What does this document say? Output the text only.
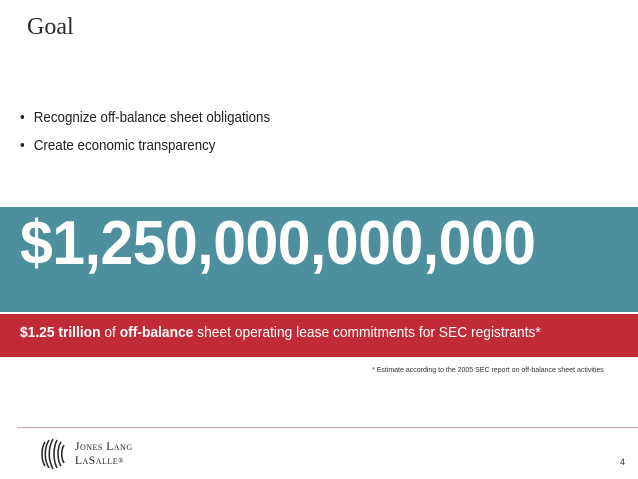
Goal
• Recognize off-balance sheet obligations
• Create economic transparency
$1,250,000,000,000
$1.25 trillion of off-balance sheet operating lease commitments for SEC registrants*
* Estimate according to the 2005 SEC report on off-balance sheet activities
Jones Lang
LaSalle®	4
